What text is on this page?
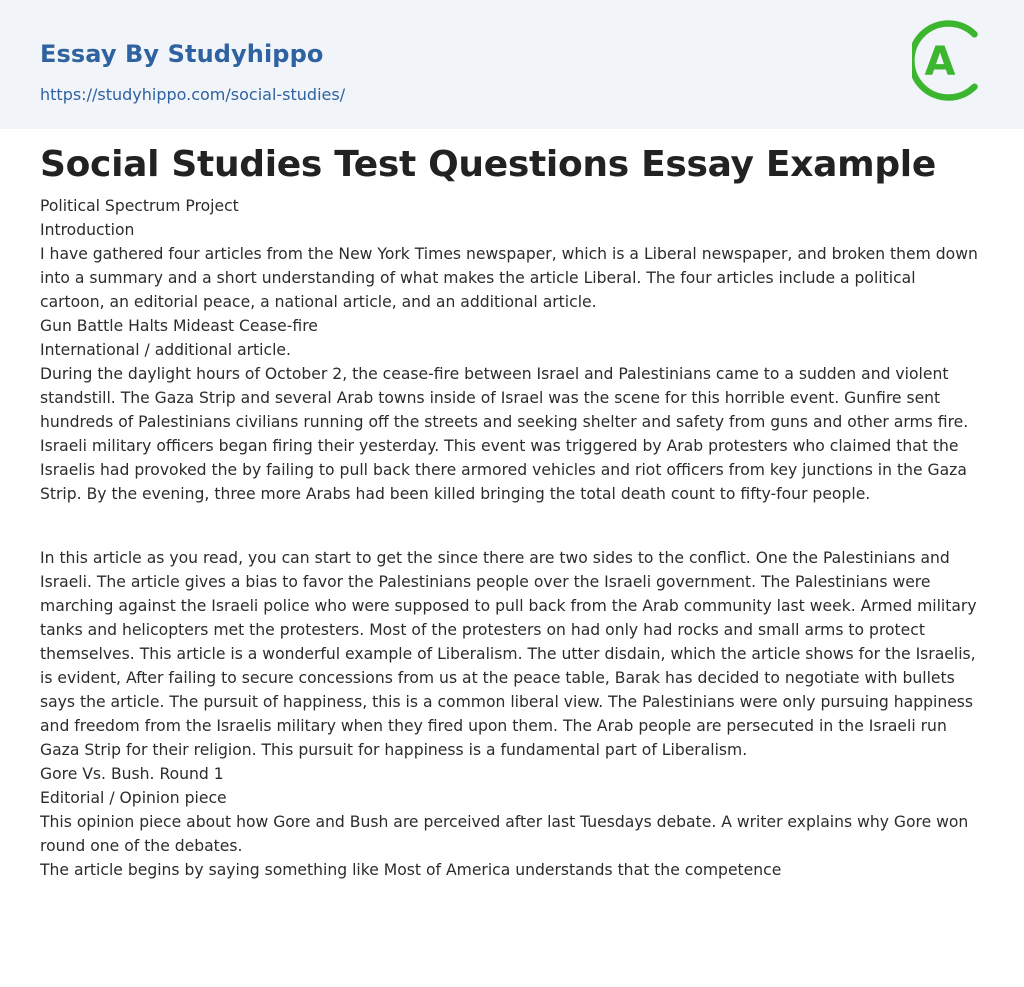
Essay By Studyhippo
https://studyhippo.com/social-studies/
A
Social Studies Test Questions Essay Example

Political Spectrum Project

Introduction

I have gathered four articles from the New York Times newspaper, which is a Liberal newspaper, and broken them down into a summary and a short understanding of what makes the article Liberal. The four articles include a political cartoon, an editorial peace, a national article, and an additional article.

Gun Battle Halts Mideast Cease-fire

International / additional article.

During the daylight hours of October 2, the cease-fire between Israel and Palestinians came to a sudden and violent standstill. The Gaza Strip and several Arab towns inside of Israel was the scene for this horrible event. Gunfire sent hundreds of Palestinians civilians running off the streets and seeking shelter and safety from guns and other arms fire. Israeli military officers began firing their yesterday. This event was triggered by Arab protesters who claimed that the Israelis had provoked the by failing to pull back there armored vehicles and riot officers from key junctions in the Gaza Strip. By the evening, three more Arabs had been killed bringing the total death count to fifty-four people.

In this article as you read, you can start to get the since there are two sides to the conflict. One the Palestinians and Israeli. The article gives a bias to favor the Palestinians people over the Israeli government. The Palestinians were marching against the Israeli police who were supposed to pull back from the Arab community last week. Armed military tanks and helicopters met the protesters. Most of the protesters on had only had rocks and small arms to protect themselves. This article is a wonderful example of Liberalism. The utter disdain, which the article shows for the Israelis, is evident, After failing to secure concessions from us at the peace table, Barak has decided to negotiate with bullets says the article. The pursuit of happiness, this is a common liberal view. The Palestinians were only pursuing happiness and freedom from the Israelis military when they fired upon them. The Arab people are persecuted in the Israeli run Gaza Strip for their religion. This pursuit for happiness is a fundamental part of Liberalism.

Gore Vs. Bush. Round 1

Editorial / Opinion piece

This opinion piece about how Gore and Bush are perceived after last Tuesdays debate. A writer explains why Gore won round one of the debates.

The article begins by saying something like Most of America understands that the competence
